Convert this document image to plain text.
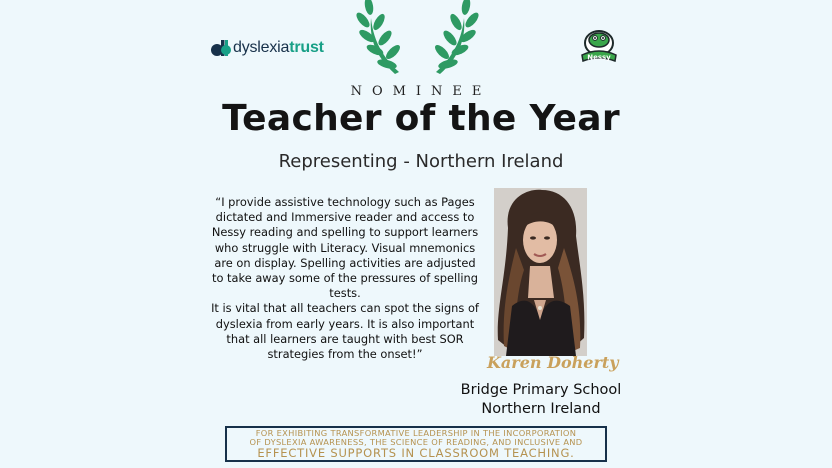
dyslexiatrust
Nessy
NOMINEE
Teacher of the Year
Representing - Northern Ireland

“I provide assistive technology such as Pages dictated and Immersive reader and access to Nessy reading and spelling to support learners who struggle with Literacy. Visual mnemonics are on display. Spelling activities are adjusted to take away some of the pressures of spelling tests.

It is vital that all teachers can spot the signs of dyslexia from early years. It is also important that all learners are taught with best SOR strategies from the onset!”	Karen Doherty
Bridge Primary School
Northern Ireland
FOR EXHIBITING TRANSFORMATIVE LEADERSHIP IN THE INCORPORATION
OF DYSLEXIA AWARENESS, THE SCIENCE OF READING, AND INCLUSIVE AND
EFFECTIVE SUPPORTS IN CLASSROOM TEACHING.
